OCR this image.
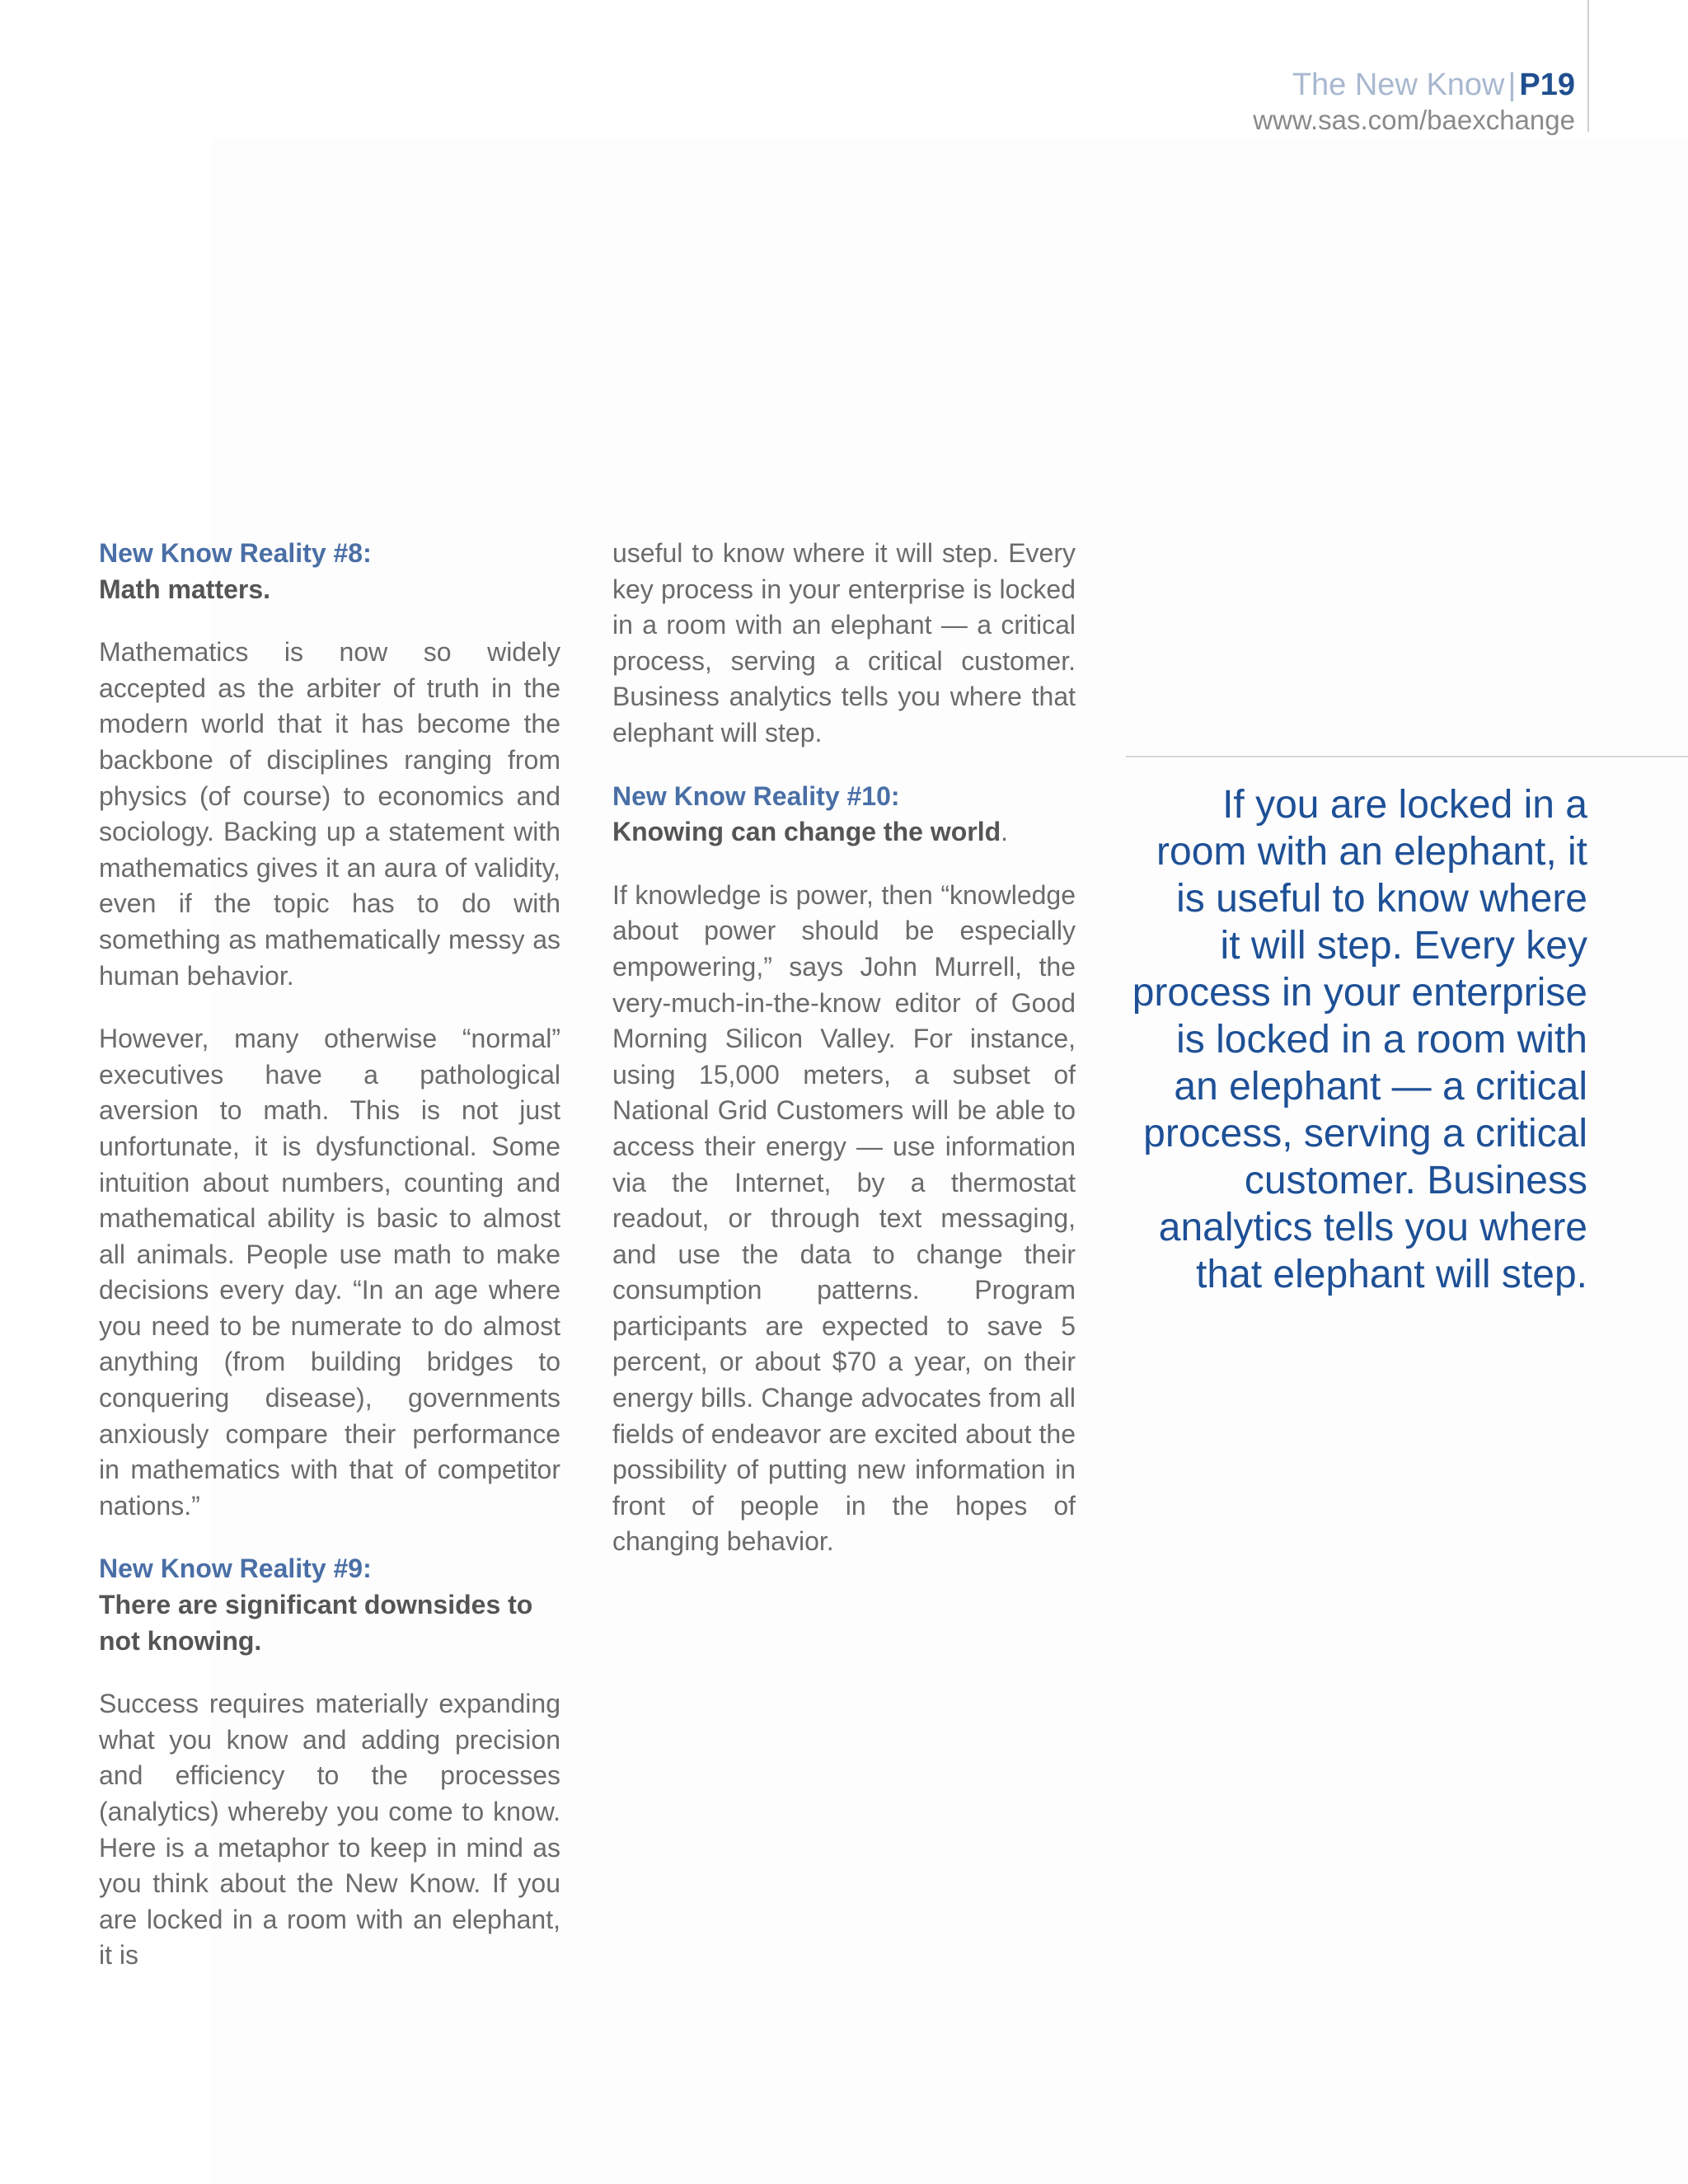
The New Know | P19
www.sas.com/baexchange
New Know Reality #8:
Math matters.

Mathematics is now so widely accepted as the arbiter of truth in the modern world that it has become the backbone of disciplines ranging from physics (of course) to economics and sociology. Backing up a statement with mathematics gives it an aura of validity, even if the topic has to do with something as mathematically messy as human behavior.

However, many otherwise “normal” executives have a pathological aversion to math. This is not just unfortunate, it is dysfunctional. Some intuition about numbers, counting and mathematical ability is basic to almost all animals. People use math to make decisions every day. “In an age where you need to be numerate to do almost anything (from building bridges to conquering disease), governments anxiously compare their performance in mathematics with that of competitor nations.”

New Know Reality #9:
There are significant downsides to not knowing.

Success requires materially expanding what you know and adding precision and efficiency to the processes (analytics) whereby you come to know. Here is a metaphor to keep in mind as you think about the New Know. If you are locked in a room with an elephant, it is

useful to know where it will step. Every key process in your enterprise is locked in a room with an elephant — a critical process, serving a critical customer. Business analytics tells you where that elephant will step.

New Know Reality #10:
Knowing can change the world.

If knowledge is power, then “knowledge about power should be especially empowering,” says John Murrell, the very-much-in-the-know editor of Good Morning Silicon Valley. For instance, using 15,000 meters, a subset of National Grid Customers will be able to access their energy — use information via the Internet, by a thermostat readout, or through text messaging, and use the data to change their consumption patterns. Program participants are expected to save 5 percent, or about $70 a year, on their energy bills. Change advocates from all fields of endeavor are excited about the possibility of putting new information in front of people in the hopes of changing behavior.

If you are locked in a
room with an elephant, it
is useful to know where
it will step. Every key
process in your enterprise
is locked in a room with
an elephant — a critical
process, serving a critical
customer. Business
analytics tells you where
that elephant will step.
